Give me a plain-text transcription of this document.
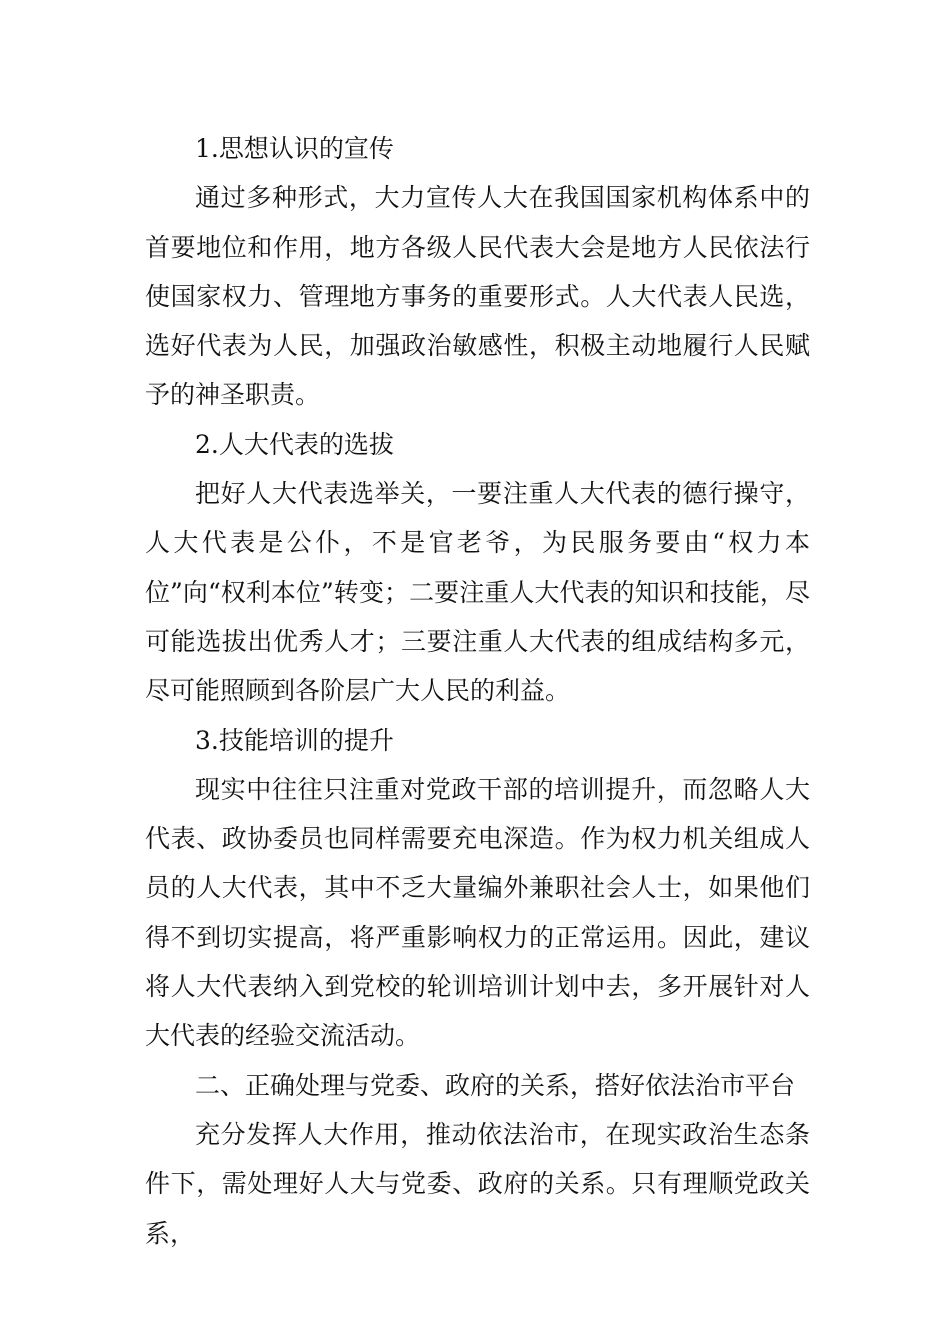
1.思想认识的宣传

通过多种形式，大力宣传人大在我国国家机构体系中的首要地位和作用，地方各级人民代表大会是地方人民依法行使国家权力、管理地方事务的重要形式。人大代表人民选，选好代表为人民，加强政治敏感性，积极主动地履行人民赋予的神圣职责。

2.人大代表的选拔

把好人大代表选举关，一要注重人大代表的德行操守，人大代表是公仆，不是官老爷，为民服务要由“权力本位”向“权利本位”转变；二要注重人大代表的知识和技能，尽可能选拔出优秀人才；三要注重人大代表的组成结构多元，尽可能照顾到各阶层广大人民的利益。

3.技能培训的提升

现实中往往只注重对党政干部的培训提升，而忽略人大代表、政协委员也同样需要充电深造。作为权力机关组成人员的人大代表，其中不乏大量编外兼职社会人士，如果他们得不到切实提高，将严重影响权力的正常运用。因此，建议将人大代表纳入到党校的轮训培训计划中去，多开展针对人大代表的经验交流活动。

二、正确处理与党委、政府的关系，搭好依法治市平台

充分发挥人大作用，推动依法治市，在现实政治生态条件下，需处理好人大与党委、政府的关系。只有理顺党政关系，
